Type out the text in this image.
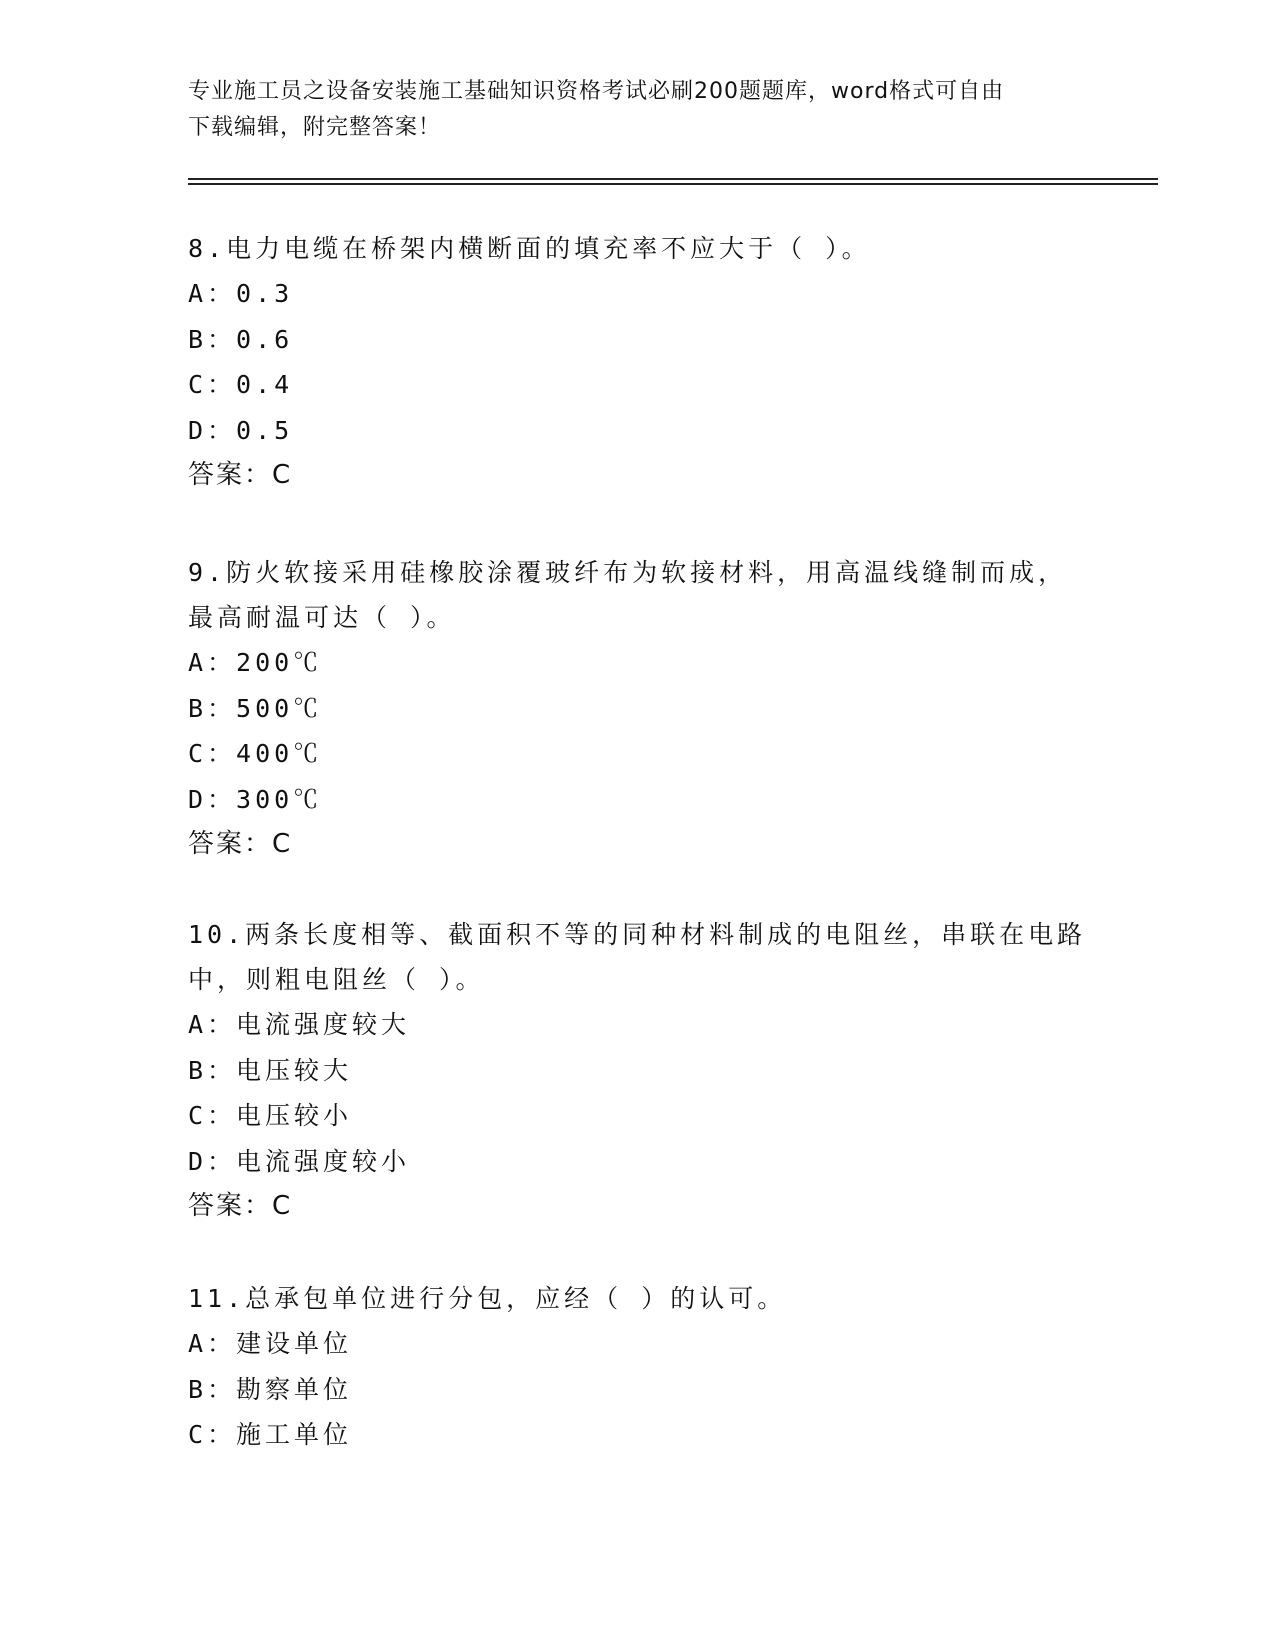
专业施工员之设备安装施工基础知识资格考试必刷200题题库，word格式可自由
下载编辑，附完整答案！

8.电力电缆在桥架内横断面的填充率不应大于（ ）。

A：0.3

B：0.6

C：0.4

D：0.5

答案：C

9.防火软接采用硅橡胶涂覆玻纤布为软接材料，用高温线缝制而成，

最高耐温可达（ ）。

A：200℃

B：500℃

C：400℃

D：300℃

答案：C

10.两条长度相等、截面积不等的同种材料制成的电阻丝，串联在电路

中，则粗电阻丝（ ）。

A：电流强度较大

B：电压较大

C：电压较小

D：电流强度较小

答案：C

11.总承包单位进行分包，应经（ ）的认可。

A：建设单位

B：勘察单位

C：施工单位
